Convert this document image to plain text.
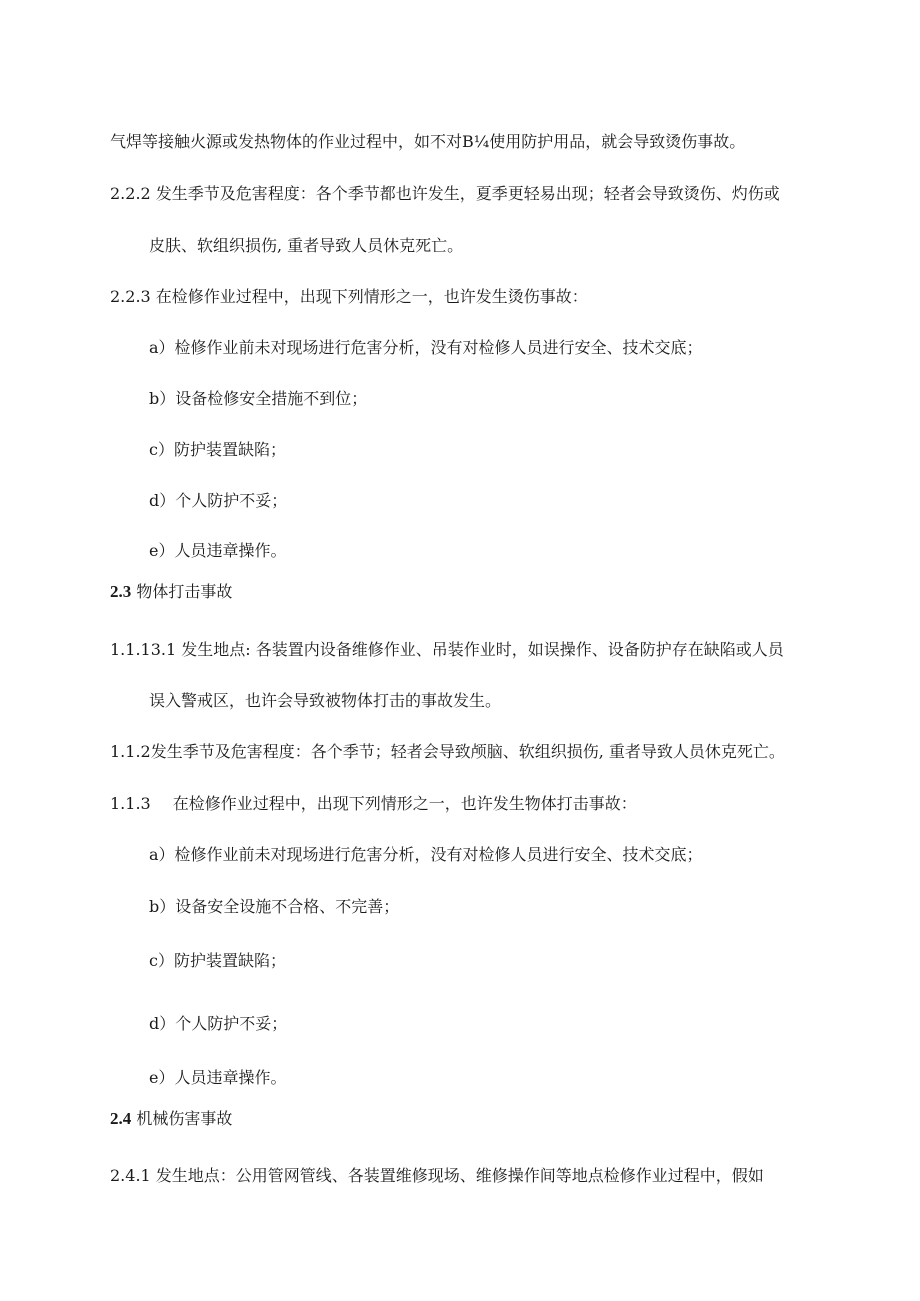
气焊等接触火源或发热物体的作业过程中，如不对B¼使用防护用品，就会导致烫伤事故。
2.2.2 发生季节及危害程度：各个季节都也许发生，夏季更轻易出现；轻者会导致烫伤、灼伤或
皮肤、软组织损伤, 重者导致人员休克死亡。
2.2.3 在检修作业过程中，出现下列情形之一，也许发生烫伤事故：
a）检修作业前未对现场进行危害分析，没有对检修人员进行安全、技术交底；
b）设备检修安全措施不到位；
c）防护装置缺陷；
d）个人防护不妥；
e）人员违章操作。
2.3 物体打击事故
1.1.13.1 发生地点: 各装置内设备维修作业、吊装作业时，如误操作、设备防护存在缺陷或人员
误入警戒区，也许会导致被物体打击的事故发生。
1.1.2发生季节及危害程度：各个季节；轻者会导致颅脑、软组织损伤, 重者导致人员休克死亡。
1.1.3 在检修作业过程中，出现下列情形之一，也许发生物体打击事故：
a）检修作业前未对现场进行危害分析，没有对检修人员进行安全、技术交底；
b）设备安全设施不合格、不完善；
c）防护装置缺陷；
d）个人防护不妥；
e）人员违章操作。
2.4 机械伤害事故
2.4.1 发生地点：公用管网管线、各装置维修现场、维修操作间等地点检修作业过程中，假如
